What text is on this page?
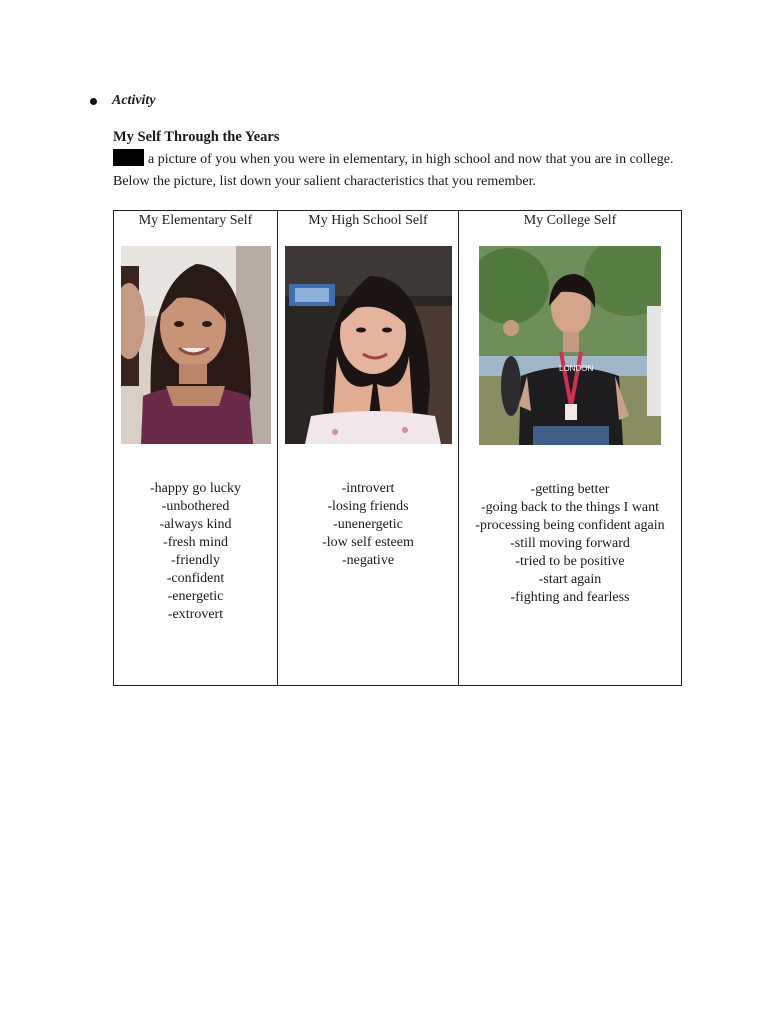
Activity
My Self Through the Years
a picture of you when you were in elementary, in high school and now that you are in college. Below the picture, list down your salient characteristics that you remember.
My Elementary Self
-happy go lucky
-unbothered
-always kind
-fresh mind
-friendly
-confident
-energetic
-extrovert

My High School Self
-introvert
-losing friends
-unenergetic
-low self esteem
-negative

My College Self
LONDON
-getting better
-going back to the things I want
-processing being confident again
-still moving forward
-tried to be positive
-start again
-fighting and fearless
